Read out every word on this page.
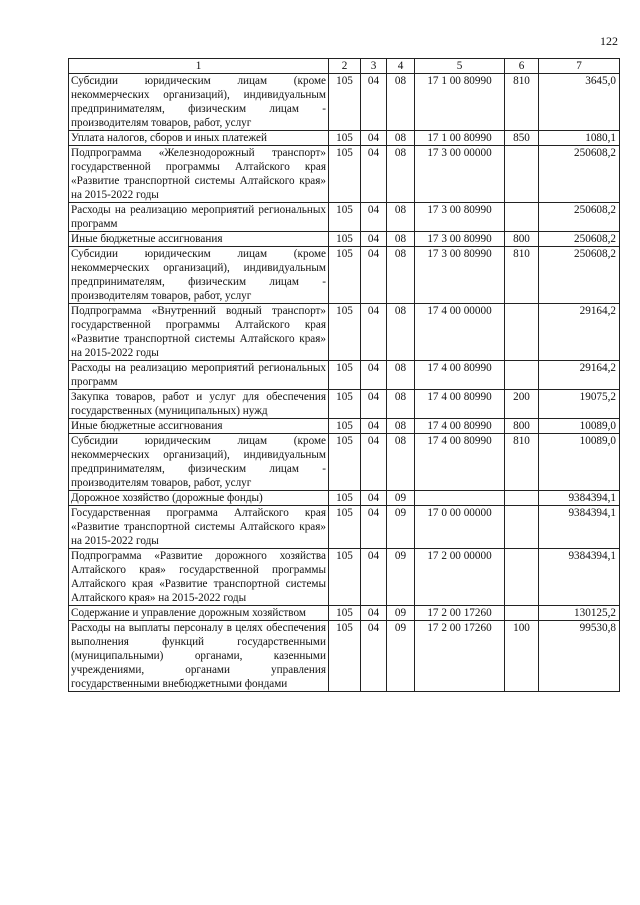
122
1	2	3	4	5	6	7
Субсидии юридическим лицам (кроме некоммерческих организаций), индивидуальным предпринимателям, физическим лицам - производителям товаров, работ, услуг	105	04	08	17 1 00 80990	810	3645,0
Уплата налогов, сборов и иных платежей	105	04	08	17 1 00 80990	850	1080,1
Подпрограмма «Железнодорожный транспорт» государственной программы Алтайского края «Развитие транспортной системы Алтайского края» на 2015-2022 годы	105	04	08	17 3 00 00000		250608,2
Расходы на реализацию мероприятий региональных программ	105	04	08	17 3 00 80990		250608,2
Иные бюджетные ассигнования	105	04	08	17 3 00 80990	800	250608,2
Субсидии юридическим лицам (кроме некоммерческих организаций), индивидуальным предпринимателям, физическим лицам - производителям товаров, работ, услуг	105	04	08	17 3 00 80990	810	250608,2
Подпрограмма «Внутренний водный транспорт» государственной программы Алтайского края «Развитие транспортной системы Алтайского края» на 2015-2022 годы	105	04	08	17 4 00 00000		29164,2
Расходы на реализацию мероприятий региональных программ	105	04	08	17 4 00 80990		29164,2
Закупка товаров, работ и услуг для обеспечения государственных (муниципальных) нужд	105	04	08	17 4 00 80990	200	19075,2
Иные бюджетные ассигнования	105	04	08	17 4 00 80990	800	10089,0
Субсидии юридическим лицам (кроме некоммерческих организаций), индивидуальным предпринимателям, физическим лицам - производителям товаров, работ, услуг	105	04	08	17 4 00 80990	810	10089,0
Дорожное хозяйство (дорожные фонды)	105	04	09			9384394,1
Государственная программа Алтайского края «Развитие транспортной системы Алтайского края» на 2015-2022 годы	105	04	09	17 0 00 00000		9384394,1
Подпрограмма «Развитие дорожного хозяйства Алтайского края» государственной программы Алтайского края «Развитие транспортной системы Алтайского края» на 2015-2022 годы	105	04	09	17 2 00 00000		9384394,1
Содержание и управление дорожным хозяйством	105	04	09	17 2 00 17260		130125,2
Расходы на выплаты персоналу в целях обеспечения выполнения функций государственными (муниципальными) органами, казенными учреждениями, органами управления государственными внебюджетными фондами	105	04	09	17 2 00 17260	100	99530,8
